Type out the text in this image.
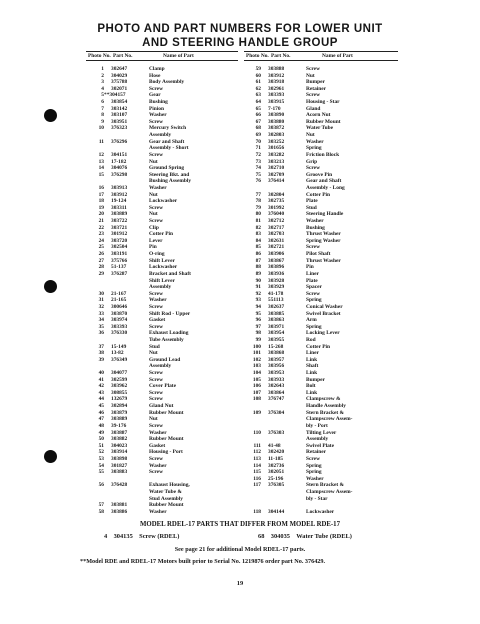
PHOTO AND PART NUMBERS FOR LOWER UNIT
AND STEERING HANDLE GROUP
Photo No. Part No.	Name of Part	Photo No. Part No.	Name of Part
1 302647	Clamp
2 304029	Hose
3 375788	Body Assembly
4 302071	Screw
5 **304157	Gear
6 303854	Bushing
7 303142	Pinion
8 303107	Washer
9 303951	Screw
10 376323	Mercury Switch
Assembly
11 376296	Gear and Shaft
Assembly - Short
12 304151	Screw
13 17-182	Nut
14 304076	Ground Spring
15 376298	Steering Bkt. and
Bushing Assembly
16 303913	Washer
17 303912	Nut
18 19-124	Lockwasher
19 303311	Screw
20 303889	Nut
21 303722	Screw
22 303721	Clip
23 301912	Cotter Pin
24 303720	Lever
25 302504	Pin
26 303191	O-ring
27 375766	Shift Lever
28 51-137	Lockwasher
29 376287	Bracket and Shaft
Shift Lever
Assembly
30 21-167	Screw
31 21-165	Washer
32 300646	Screw
33 303870	Shift Rod - Upper
34 303974	Gasket
35 303393	Screw
36 376330	Exhaust Loading
Tube Assembly
37 15-149	Stud
38 13-82	Nut
39 376349	Ground Lead
Assembly
40 304077	Screw
41 302599	Screw
42 303962	Cover Plate
43 308855	Screw
44 132679	Screw
45 302894	Gland Nut
46 303879	Rubber Mount
47 303889	Nut
48 39-176	Screw
49 303887	Washer
50 303882	Rubber Mount
51 304023	Gasket
52 303914	Housing - Port
53 303898	Screw
54 301827	Washer
55 303883	Screw
56 376428	Exhaust Housing,
Water Tube &
Stud Assembly
57 303881	Rubber Mount
58 303886	Washer
59 303888	Screw
60 303912	Nut
61 303918	Bumper
62 302961	Retainer
63 303393	Screw
64 303915	Housing - Star
65 7-170	Gland
66 303890	Acorn Nut
67 303880	Rubber Mount
68 303872	Water Tube
69 302803	Nut
70 303252	Washer
71 301656	Spring
72 303282	Friction Block
73 303213	Grip
74 302710	Screw
75 302709	Groove Pin
76 376414	Gear and Shaft
Assembly - Long
77 302804	Cotter Pin
78 302735	Plate
79 301992	Stud
80 376040	Steering Handle
81 302712	Washer
82 302717	Bushing
83 302703	Thrust Washer
84 302631	Spring Washer
85 302721	Screw
86 303906	Pilot Shaft
87 303867	Thrust Washer
88 303896	Pin
89 303936	Liner
90 303928	Plate
91 303929	Spacer
92 41-178	Screw
93 551113	Spring
94 302637	Conical Washer
95 303885	Swivel Bracket
96 303863	Arm
97 303971	Spring
98 303954	Locking Lever
99 303955	Rod
100 15-268	Cotter Pin
101 303868	Liner
102 303957	Link
103 303956	Shaft
104 303953	Link
105 303933	Bumper
106 302643	Bolt
107 303864	Link
108 376747	Clampscrew &
Handle Assembly
109 376304	Stern Bracket &
Clampscrew Assem-
bly - Port
110 376303	Tilting Lever
Assembly
111 41-48	Swivel Plate
112 302420	Retainer
113 11-185	Screw
114 302736	Spring
115 302051	Spring
116 25-196	Washer
117 376305	Stern Bracket &
Clampscrew Assem-
bly - Star
118 304144	Lockwasher
MODEL RDEL-17 PARTS THAT DIFFER FROM MODEL RDE-17
4 304135 Screw (RDEL)	68 304035 Water Tube (RDEL)
See page 21 for additional Model RDEL-17 parts.
**Model RDE and RDEL-17 Motors built prior to Serial No. 1219876 order part No. 376429.
19
